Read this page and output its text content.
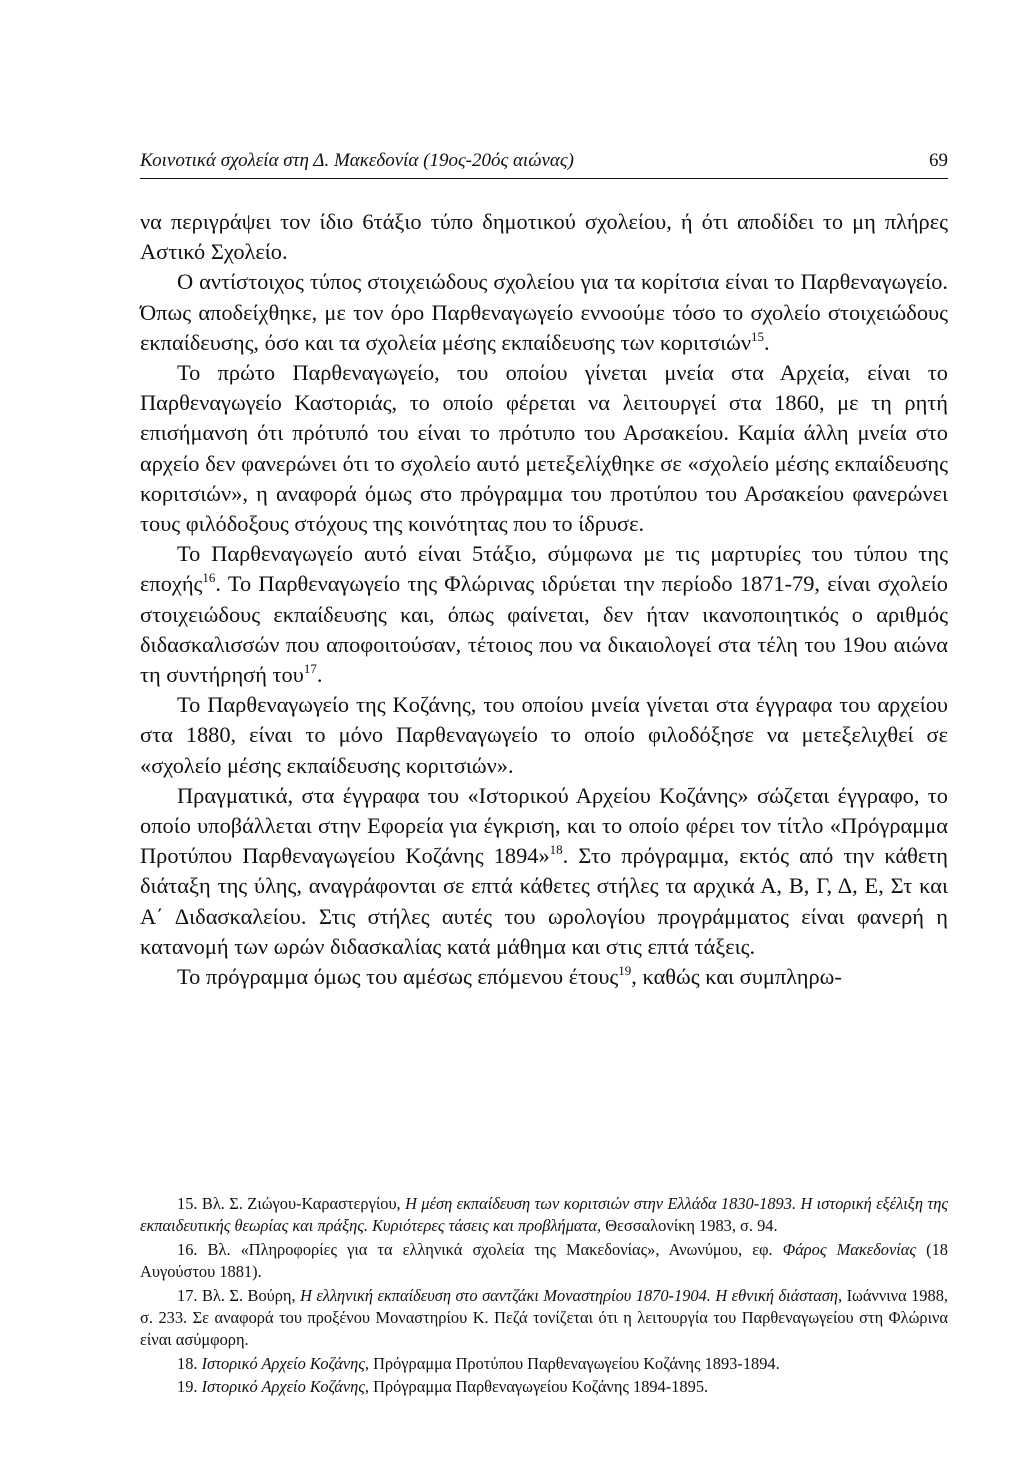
Κοινοτικά σχολεία στη Δ. Μακεδονία (19ος-20ός αιώνας)	69

να περιγράψει τον ίδιο 6τάξιο τύπο δημοτικού σχολείου, ή ότι αποδίδει το μη πλήρες Αστικό Σχολείο.

Ο αντίστοιχος τύπος στοιχειώδους σχολείου για τα κορίτσια είναι το Παρθεναγωγείο. Όπως αποδείχθηκε, με τον όρο Παρθεναγωγείο εννοούμε τόσο το σχολείο στοιχειώδους εκπαίδευσης, όσο και τα σχολεία μέσης εκπαίδευσης των κοριτσιών$^{15}$.

Το πρώτο Παρθεναγωγείο, του οποίου γίνεται μνεία στα Αρχεία, είναι το Παρθεναγωγείο Καστοριάς, το οποίο φέρεται να λειτουργεί στα 1860, με τη ρητή επισήμανση ότι πρότυπό του είναι το πρότυπο του Αρσακείου. Καμία άλλη μνεία στο αρχείο δεν φανερώνει ότι το σχολείο αυτό μετεξελίχθηκε σε «σχολείο μέσης εκπαίδευσης κοριτσιών», η αναφορά όμως στο πρόγραμμα του προτύπου του Αρσακείου φανερώνει τους φιλόδοξους στόχους της κοινότητας που το ίδρυσε.

Το Παρθεναγωγείο αυτό είναι 5τάξιο, σύμφωνα με τις μαρτυρίες του τύπου της εποχής$^{16}$. Το Παρθεναγωγείο της Φλώρινας ιδρύεται την περίοδο 1871-79, είναι σχολείο στοιχειώδους εκπαίδευσης και, όπως φαίνεται, δεν ήταν ικανοποιητικός ο αριθμός διδασκαλισσών που αποφοιτούσαν, τέτοιος που να δικαιολογεί στα τέλη του 19ου αιώνα τη συντήρησή του$^{17}$.

Το Παρθεναγωγείο της Κοζάνης, του οποίου μνεία γίνεται στα έγγραφα του αρχείου στα 1880, είναι το μόνο Παρθεναγωγείο το οποίο φιλοδόξησε να μετεξελιχθεί σε «σχολείο μέσης εκπαίδευσης κοριτσιών».

Πραγματικά, στα έγγραφα του «Ιστορικού Αρχείου Κοζάνης» σώζεται έγγραφο, το οποίο υποβάλλεται στην Εφορεία για έγκριση, και το οποίο φέρει τον τίτλο «Πρόγραμμα Προτύπου Παρθεναγωγείου Κοζάνης 1894»$^{18}$. Στο πρόγραμμα, εκτός από την κάθετη διάταξη της ύλης, αναγράφονται σε επτά κάθετες στήλες τα αρχικά Α, Β, Γ, Δ, Ε, Στ και Α΄ Διδασκαλείου. Στις στήλες αυτές του ωρολογίου προγράμματος είναι φανερή η κατανομή των ωρών διδασκαλίας κατά μάθημα και στις επτά τάξεις.

Το πρόγραμμα όμως του αμέσως επόμενου έτους$^{19}$, καθώς και συμπληρω-

15. Βλ. Σ. Ζιώγου-Καραστεργίου, Η μέση εκπαίδευση των κοριτσιών στην Ελλάδα 1830-1893. Η ιστορική εξέλιξη της εκπαιδευτικής θεωρίας και πράξης. Κυριότερες τάσεις και προβλήματα, Θεσσαλονίκη 1983, σ. 94.

16. Βλ. «Πληροφορίες για τα ελληνικά σχολεία της Μακεδονίας», Ανωνύμου, εφ. Φάρος Μακεδονίας (18 Αυγούστου 1881).

17. Βλ. Σ. Βούρη, Η ελληνική εκπαίδευση στο σαντζάκι Μοναστηρίου 1870-1904. Η εθνική διάσταση, Ιωάννινα 1988, σ. 233. Σε αναφορά του προξένου Μοναστηρίου Κ. Πεζά τονίζεται ότι η λειτουργία του Παρθεναγωγείου στη Φλώρινα είναι ασύμφορη.

18. Ιστορικό Αρχείο Κοζάνης, Πρόγραμμα Προτύπου Παρθεναγωγείου Κοζάνης 1893-1894.

19. Ιστορικό Αρχείο Κοζάνης, Πρόγραμμα Παρθεναγωγείου Κοζάνης 1894-1895.
